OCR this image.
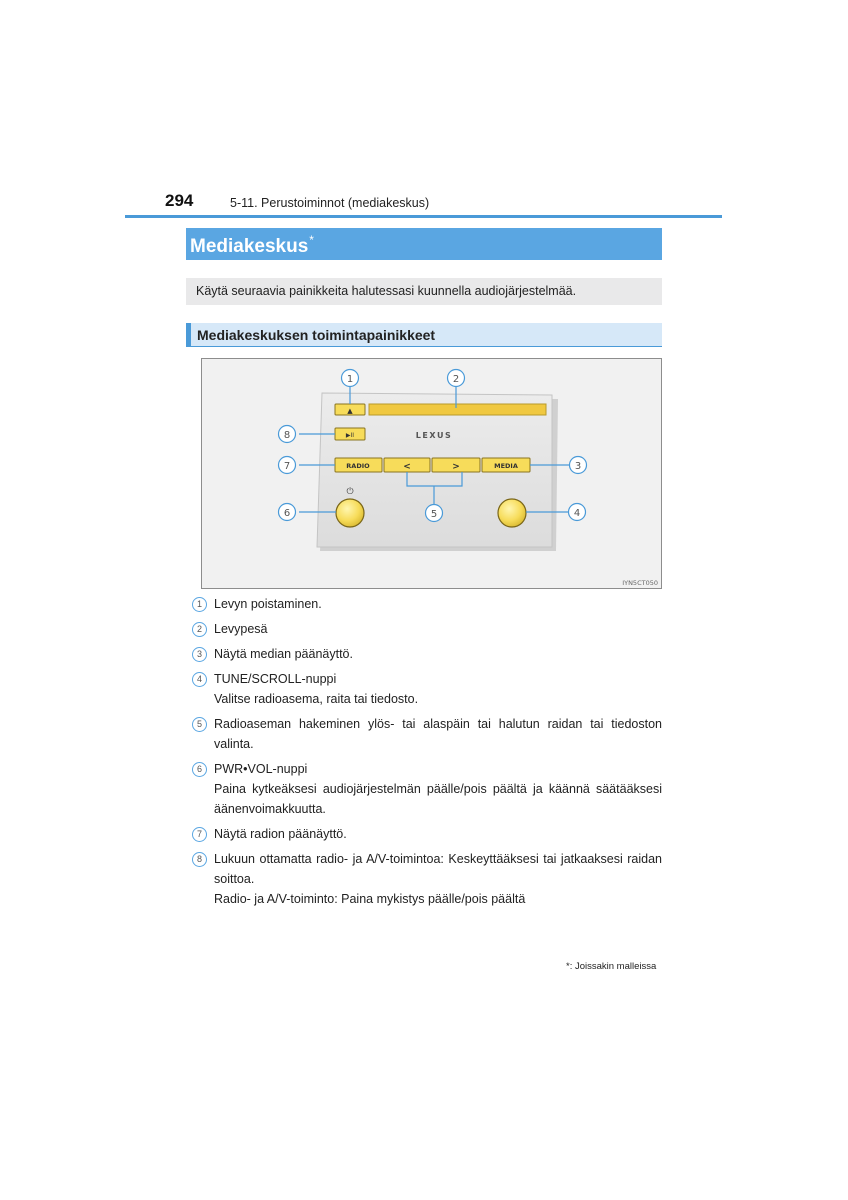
294	5-11. Perustoiminnot (mediakeskus)
Mediakeskus*
Käytä seuraavia painikkeita halutessasi kuunnella audiojärjestelmää.
Mediakeskuksen toimintapainikkeet
▲
▶II	LEXUS
RADIO	<	>	MEDIA
⏻
1	2
3
4
5
6
7
8
IYN5CT050
1 Levyn poistaminen.

2 Levypesä

3 Näytä median päänäyttö.

4 TUNE/SCROLL-nuppi

Valitse radioasema, raita tai tiedosto.

5 Radioaseman hakeminen ylös- tai alaspäin tai halutun raidan tai tiedoston valinta.

6 PWR•VOL-nuppi

Paina kytkeäksesi audiojärjestelmän päälle/pois päältä ja käännä säätääksesi äänenvoimakkuutta.

7 Näytä radion päänäyttö.

8 Lukuun ottamatta radio- ja A/V-toimintoa: Keskeyttääksesi tai jatkaaksesi raidan soittoa.

Radio- ja A/V-toiminto: Paina mykistys päälle/pois päältä

*: Joissakin malleissa
